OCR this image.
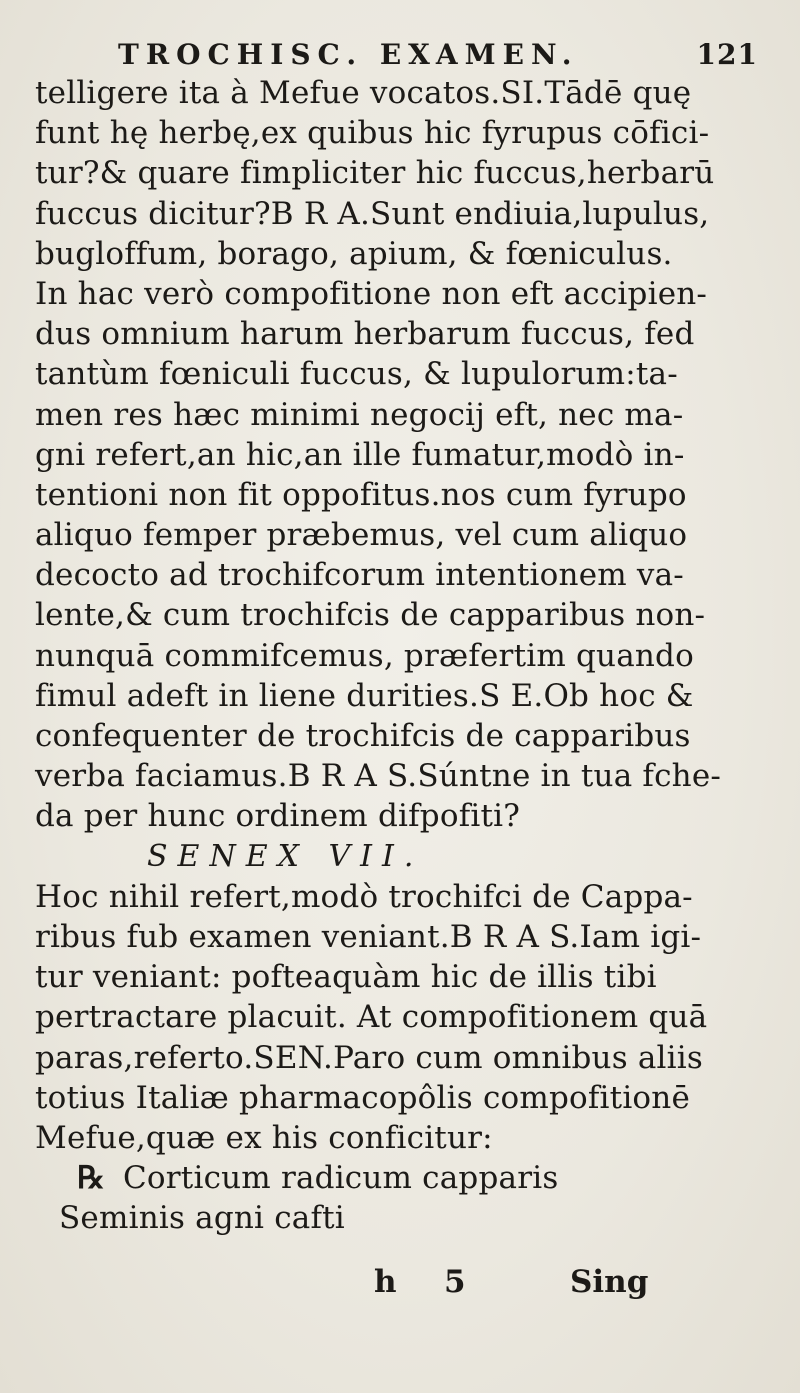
TROCHISC. EXAMEN.	121
telligere ita à Mefue vocatos.SI.Tādē quę
funt hę herbę,ex quibus hic fyrupus cōfici-
tur?& quare fimpliciter hic fuccus,herbarū
fuccus dicitur?B R A.Sunt endiuia,lupulus,
bugloffum, borago, apium, & fœniculus.
In hac verò compofitione non eft accipien-
dus omnium harum herbarum fuccus, fed
tantùm fœniculi fuccus, & lupulorum:ta-
men res hæc minimi negocij eft, nec ma-
gni refert,an hic,an ille fumatur,modò in-
tentioni non fit oppofitus.nos cum fyrupo
aliquo femper præbemus, vel cum aliquo
decocto ad trochifcorum intentionem va-
lente,& cum trochifcis de capparibus non-
nunquā commifcemus, præfertim quando
fimul adeft in liene durities.S E.Ob hoc &
confequenter de trochifcis de capparibus
verba faciamus.B R A S.Súntne in tua fche-
da per hunc ordinem difpofiti?
SENEX VII.
Hoc nihil refert,modò trochifci de Cappa-
ribus fub examen veniant.B R A S.Iam igi-
tur veniant: pofteaquàm hic de illis tibi
pertractare placuit. At compofitionem quā
paras,referto.SEN.Paro cum omnibus aliis
totius Italiæ pharmacopôlis compofitionē
Mefue,quæ ex his conficitur:
℞ Corticum radicum capparis
Seminis agni cafti
h 5	Sing
